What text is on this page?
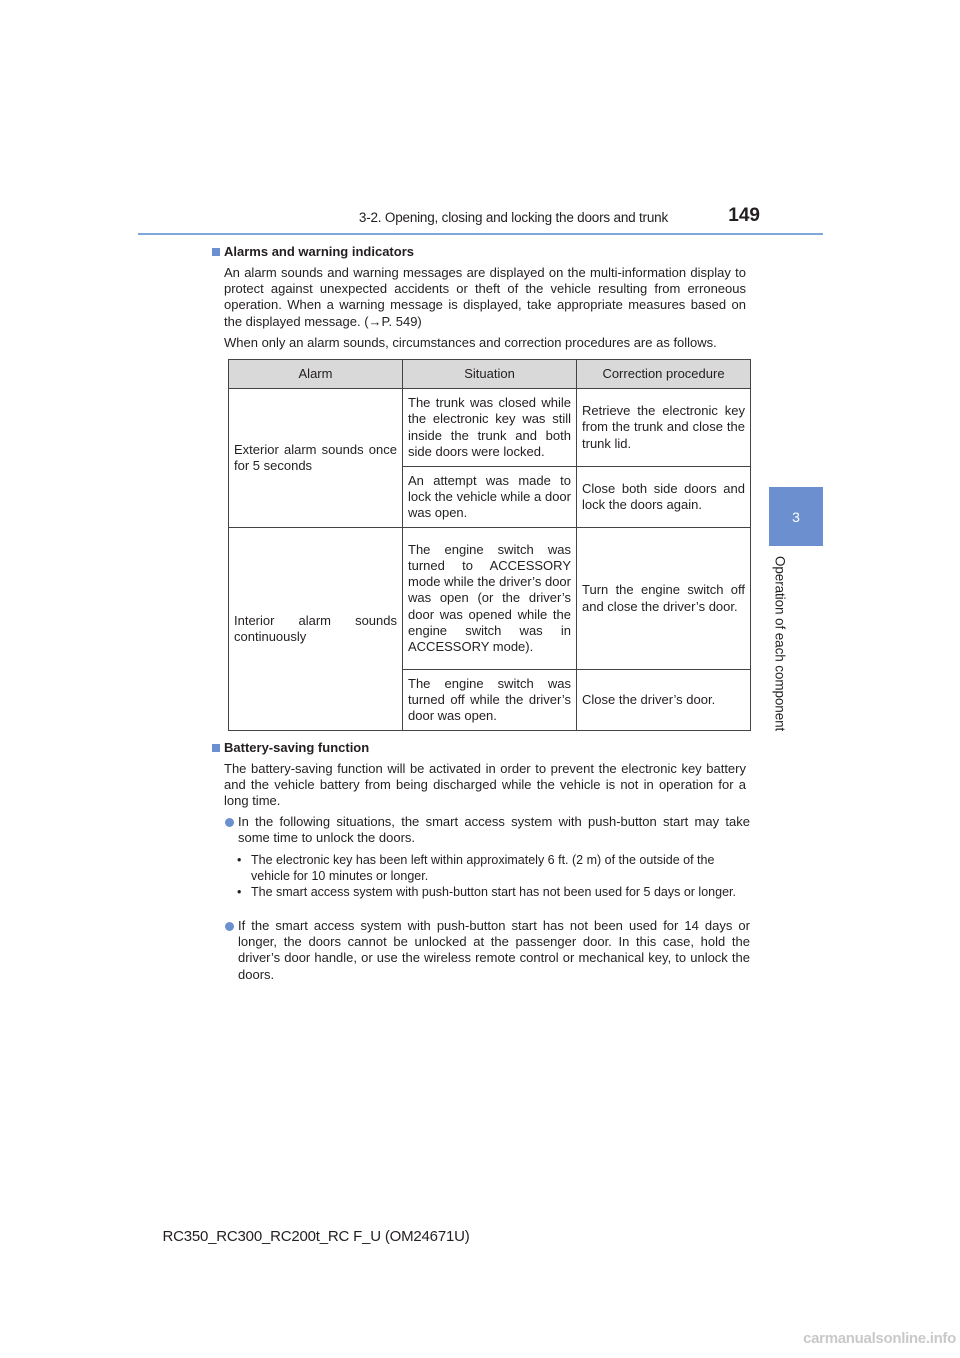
3-2. Opening, closing and locking the doors and trunk	149
3
Operation of each component
Alarms and warning indicators
An alarm sounds and warning messages are displayed on the multi-information display to protect against unexpected accidents or theft of the vehicle resulting from erroneous operation. When a warning message is displayed, take appropriate measures based on the displayed message. (→P. 549)
When only an alarm sounds, circumstances and correction procedures are as follows.
Alarm	Situation	Correction procedure
Exterior alarm sounds once for 5 seconds	The trunk was closed while the electronic key was still inside the trunk and both side doors were locked.	Retrieve the electronic key from the trunk and close the trunk lid.
	An attempt was made to lock the vehicle while a door was open.	Close both side doors and lock the doors again.
Interior alarm sounds continuously	The engine switch was turned to ACCESSORY mode while the driver’s door was open (or the driver’s door was opened while the engine switch was in ACCESSORY mode).	Turn the engine switch off and close the driver’s door.
	The engine switch was turned off while the driver’s door was open.	Close the driver’s door.
Battery-saving function
The battery-saving function will be activated in order to prevent the electronic key battery and the vehicle battery from being discharged while the vehicle is not in operation for a long time.
In the following situations, the smart access system with push-button start may take some time to unlock the doors.
• The electronic key has been left within approximately 6 ft. (2 m) of the outside of the vehicle for 10 minutes or longer.
• The smart access system with push-button start has not been used for 5 days or longer.
If the smart access system with push-button start has not been used for 14 days or longer, the doors cannot be unlocked at the passenger door. In this case, hold the driver’s door handle, or use the wireless remote control or mechanical key, to unlock the doors.
RC350_RC300_RC200t_RC F_U (OM24671U)
carmanualsonline.info
